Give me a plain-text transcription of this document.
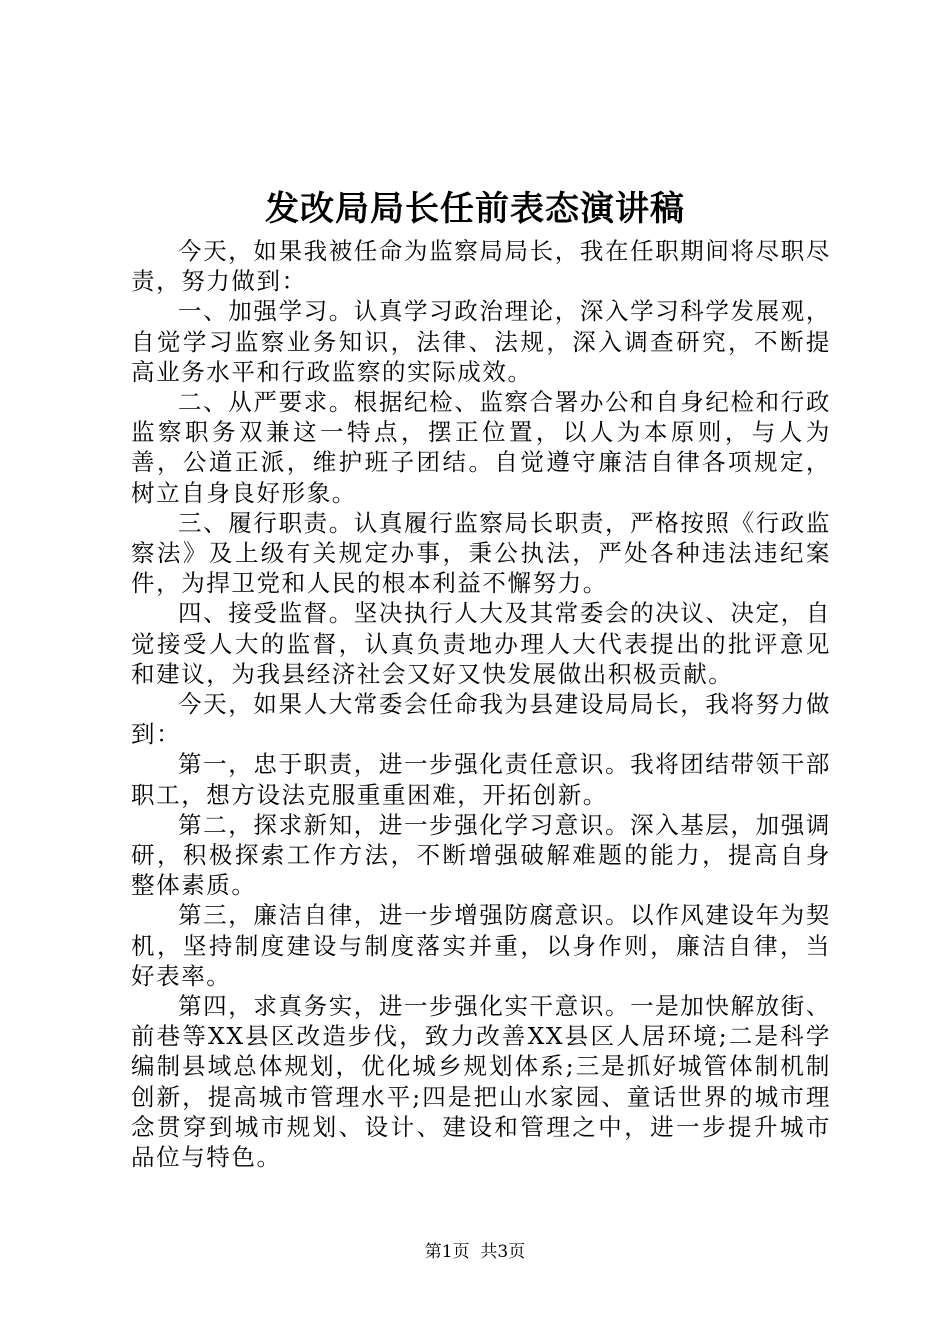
发改局局长任前表态演讲稿

今天，如果我被任命为监察局局长，我在任职期间将尽职尽责，努力做到：

一、加强学习。认真学习政治理论，深入学习科学发展观，自觉学习监察业务知识，法律、法规，深入调查研究，不断提高业务水平和行政监察的实际成效。

二、从严要求。根据纪检、监察合署办公和自身纪检和行政监察职务双兼这一特点，摆正位置，以人为本原则，与人为善，公道正派，维护班子团结。自觉遵守廉洁自律各项规定，树立自身良好形象。

三、履行职责。认真履行监察局长职责，严格按照《行政监察法》及上级有关规定办事，秉公执法，严处各种违法违纪案件，为捍卫党和人民的根本利益不懈努力。

四、接受监督。坚决执行人大及其常委会的决议、决定，自觉接受人大的监督，认真负责地办理人大代表提出的批评意见和建议，为我县经济社会又好又快发展做出积极贡献。

今天，如果人大常委会任命我为县建设局局长，我将努力做到：

第一，忠于职责，进一步强化责任意识。我将团结带领干部职工，想方设法克服重重困难，开拓创新。

第二，探求新知，进一步强化学习意识。深入基层，加强调研，积极探索工作方法，不断增强破解难题的能力，提高自身整体素质。

第三，廉洁自律，进一步增强防腐意识。以作风建设年为契机，坚持制度建设与制度落实并重，以身作则，廉洁自律，当好表率。

第四，求真务实，进一步强化实干意识。一是加快解放街、前巷等XX县区改造步伐，致力改善XX县区人居环境;二是科学编制县域总体规划，优化城乡规划体系;三是抓好城管体制机制创新，提高城市管理水平;四是把山水家园、童话世界的城市理念贯穿到城市规划、设计、建设和管理之中，进一步提升城市品位与特色。

第1页  共3页
